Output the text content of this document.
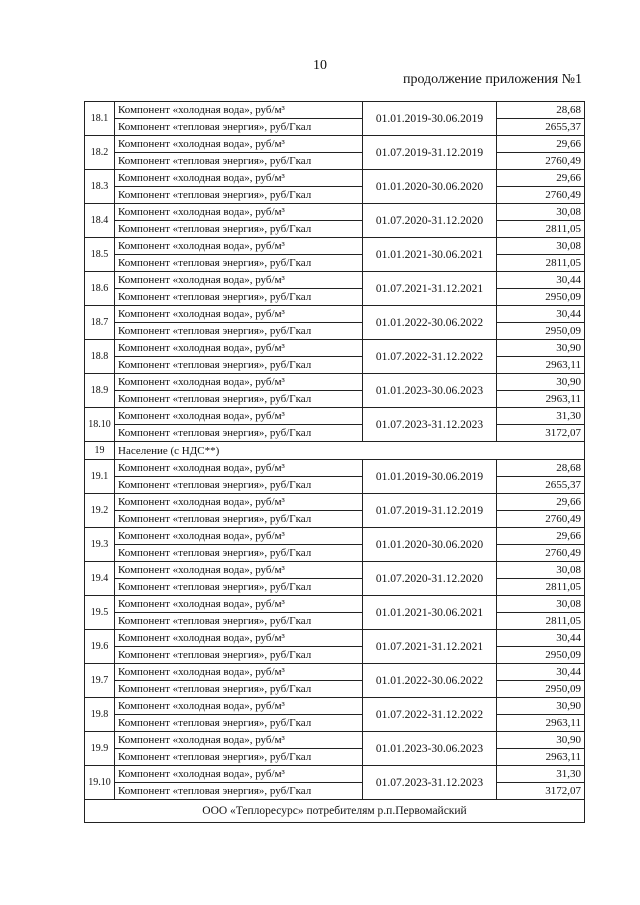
10
продолжение приложения №1
18.1	Компонент «холодная вода», руб/м³	01.01.2019-30.06.2019	28,68
	Компонент «тепловая энергия», руб/Гкал		2655,37
18.2	Компонент «холодная вода», руб/м³	01.07.2019-31.12.2019	29,66
	Компонент «тепловая энергия», руб/Гкал		2760,49
18.3	Компонент «холодная вода», руб/м³	01.01.2020-30.06.2020	29,66
	Компонент «тепловая энергия», руб/Гкал		2760,49
18.4	Компонент «холодная вода», руб/м³	01.07.2020-31.12.2020	30,08
	Компонент «тепловая энергия», руб/Гкал		2811,05
18.5	Компонент «холодная вода», руб/м³	01.01.2021-30.06.2021	30,08
	Компонент «тепловая энергия», руб/Гкал		2811,05
18.6	Компонент «холодная вода», руб/м³	01.07.2021-31.12.2021	30,44
	Компонент «тепловая энергия», руб/Гкал		2950,09
18.7	Компонент «холодная вода», руб/м³	01.01.2022-30.06.2022	30,44
	Компонент «тепловая энергия», руб/Гкал		2950,09
18.8	Компонент «холодная вода», руб/м³	01.07.2022-31.12.2022	30,90
	Компонент «тепловая энергия», руб/Гкал		2963,11
18.9	Компонент «холодная вода», руб/м³	01.01.2023-30.06.2023	30,90
	Компонент «тепловая энергия», руб/Гкал		2963,11
18.10	Компонент «холодная вода», руб/м³	01.07.2023-31.12.2023	31,30
	Компонент «тепловая энергия», руб/Гкал		3172,07
19	Население (с НДС**)		
19.1	Компонент «холодная вода», руб/м³	01.01.2019-30.06.2019	28,68
	Компонент «тепловая энергия», руб/Гкал		2655,37
19.2	Компонент «холодная вода», руб/м³	01.07.2019-31.12.2019	29,66
	Компонент «тепловая энергия», руб/Гкал		2760,49
19.3	Компонент «холодная вода», руб/м³	01.01.2020-30.06.2020	29,66
	Компонент «тепловая энергия», руб/Гкал		2760,49
19.4	Компонент «холодная вода», руб/м³	01.07.2020-31.12.2020	30,08
	Компонент «тепловая энергия», руб/Гкал		2811,05
19.5	Компонент «холодная вода», руб/м³	01.01.2021-30.06.2021	30,08
	Компонент «тепловая энергия», руб/Гкал		2811,05
19.6	Компонент «холодная вода», руб/м³	01.07.2021-31.12.2021	30,44
	Компонент «тепловая энергия», руб/Гкал		2950,09
19.7	Компонент «холодная вода», руб/м³	01.01.2022-30.06.2022	30,44
	Компонент «тепловая энергия», руб/Гкал		2950,09
19.8	Компонент «холодная вода», руб/м³	01.07.2022-31.12.2022	30,90
	Компонент «тепловая энергия», руб/Гкал		2963,11
19.9	Компонент «холодная вода», руб/м³	01.01.2023-30.06.2023	30,90
	Компонент «тепловая энергия», руб/Гкал		2963,11
19.10	Компонент «холодная вода», руб/м³	01.07.2023-31.12.2023	31,30
	Компонент «тепловая энергия», руб/Гкал		3172,07
ООО «Теплоресурс» потребителям р.п.Первомайский			
